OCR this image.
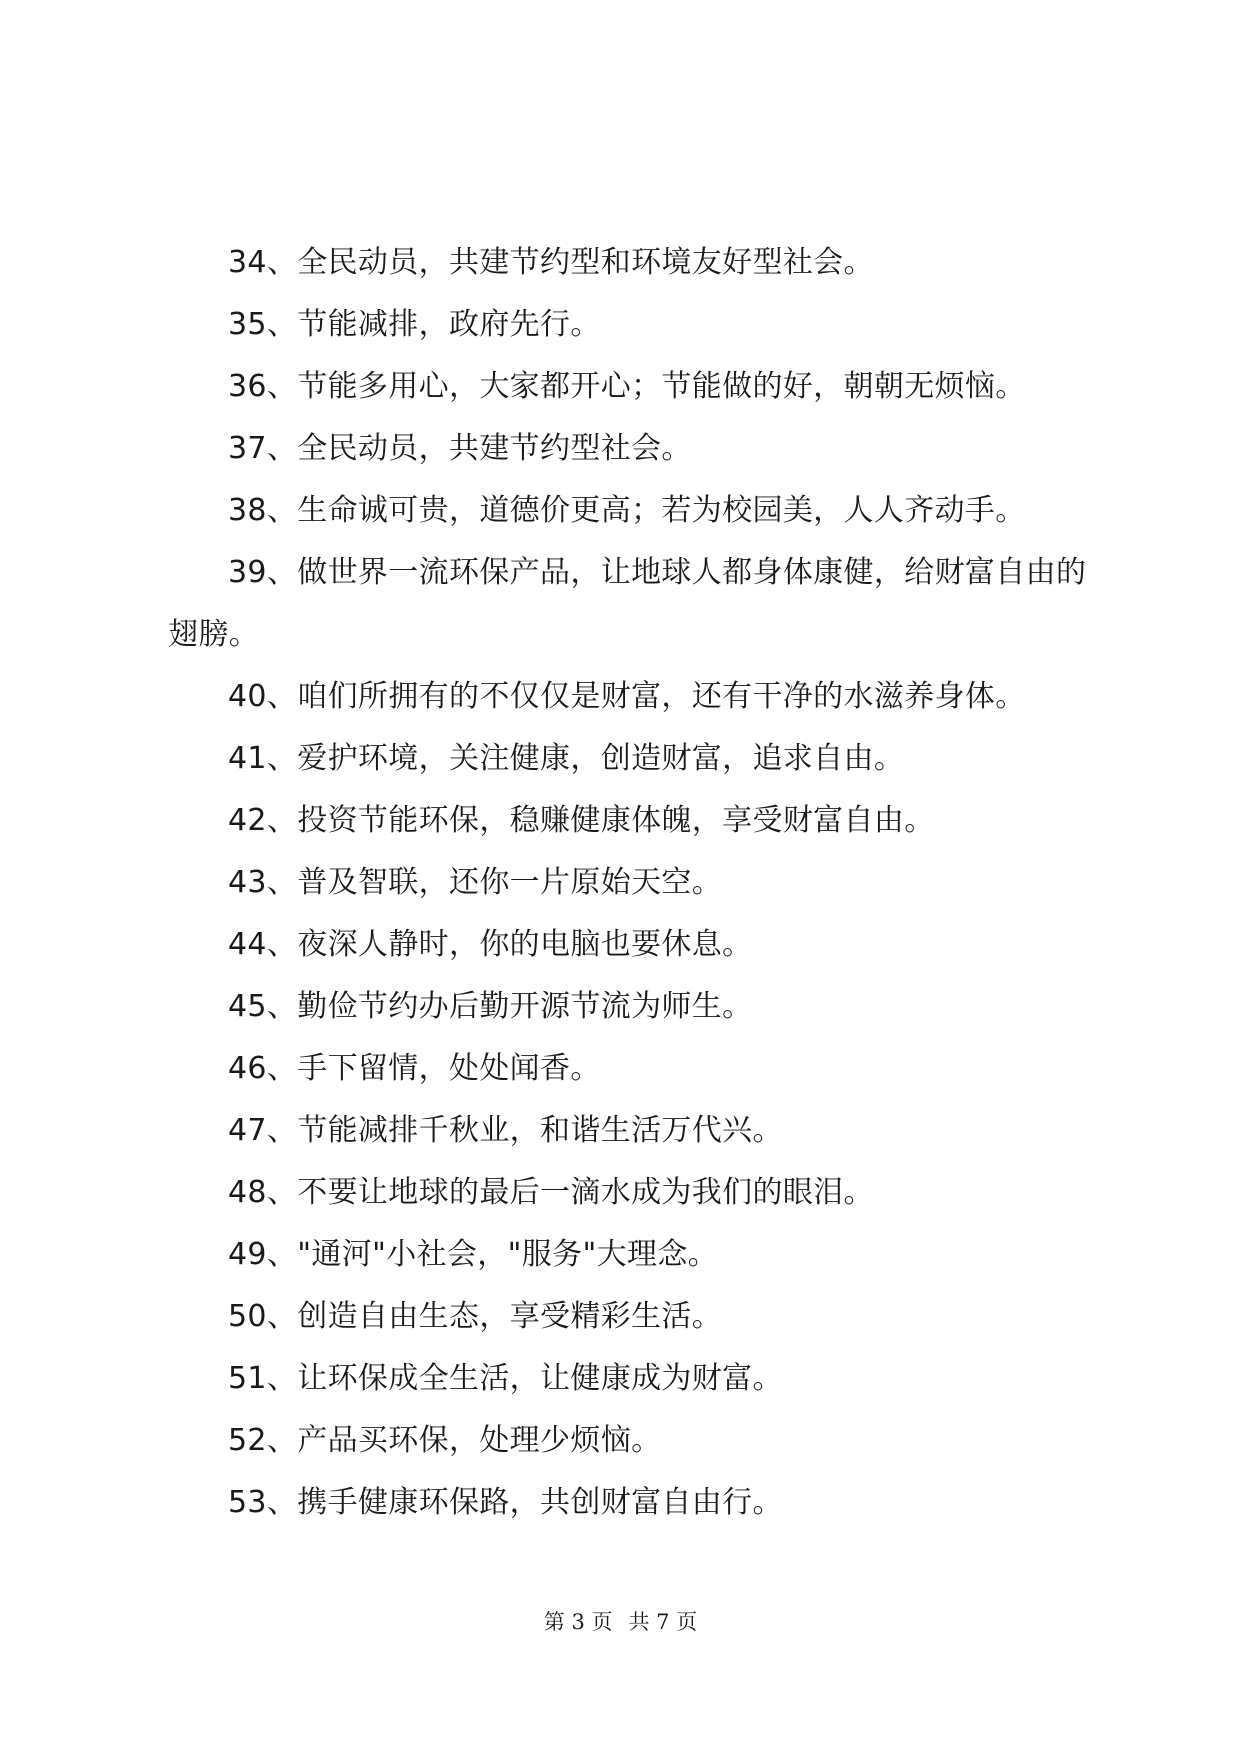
34、全民动员，共建节约型和环境友好型社会。
35、节能减排，政府先行。
36、节能多用心，大家都开心；节能做的好，朝朝无烦恼。
37、全民动员，共建节约型社会。
38、生命诚可贵，道德价更高；若为校园美，人人齐动手。
39、做世界一流环保产品，让地球人都身体康健，给财富自由的翅膀。
40、咱们所拥有的不仅仅是财富，还有干净的水滋养身体。
41、爱护环境，关注健康，创造财富，追求自由。
42、投资节能环保，稳赚健康体魄，享受财富自由。
43、普及智联，还你一片原始天空。
44、夜深人静时，你的电脑也要休息。
45、勤俭节约办后勤开源节流为师生。
46、手下留情，处处闻香。
47、节能减排千秋业，和谐生活万代兴。
48、不要让地球的最后一滴水成为我们的眼泪。
49、"通河"小社会，"服务"大理念。
50、创造自由生态，享受精彩生活。
51、让环保成全生活，让健康成为财富。
52、产品买环保，处理少烦恼。
53、携手健康环保路，共创财富自由行。
第 3 页 共 7 页
